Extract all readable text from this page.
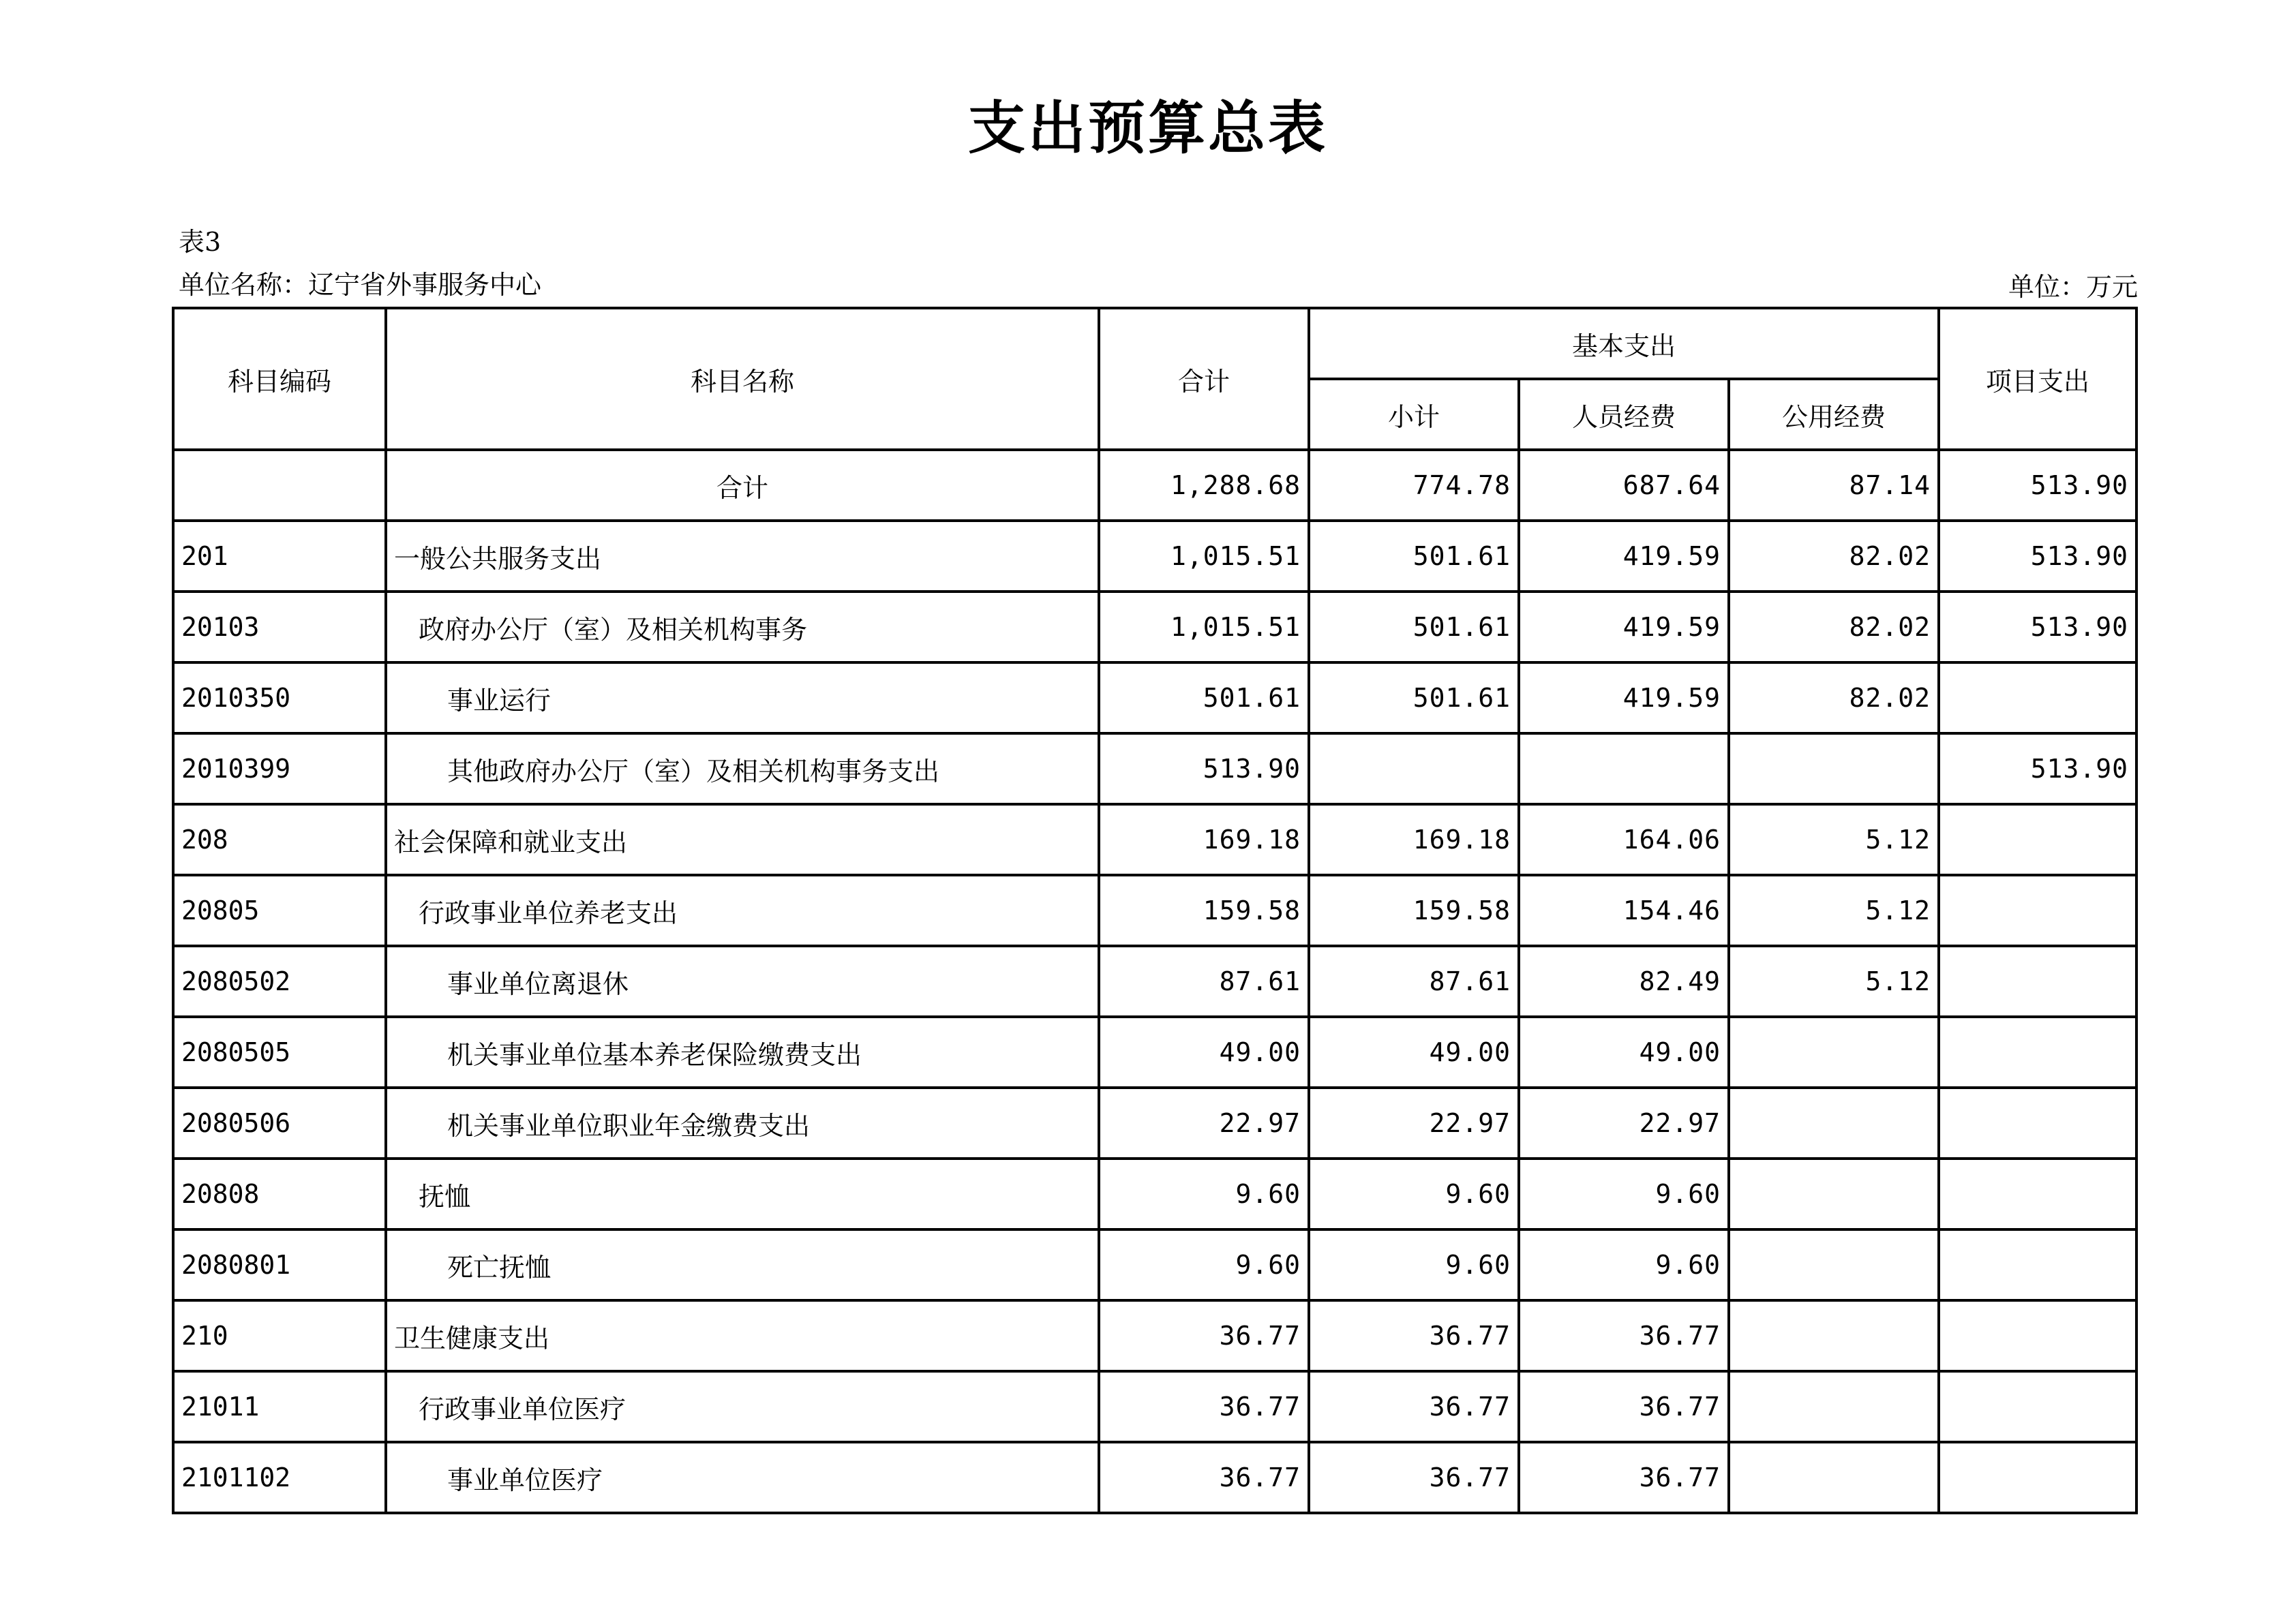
支出预算总表
表3
单位名称：辽宁省外事服务中心	单位：万元
科目编码	科目名称	合计	基本支出			项目支出
			小计	人员经费	公用经费	
	合计	1,288.68	774.78	687.64	87.14	513.90
201	一般公共服务支出	1,015.51	501.61	419.59	82.02	513.90
20103	政府办公厅（室）及相关机构事务	1,015.51	501.61	419.59	82.02	513.90
2010350	事业运行	501.61	501.61	419.59	82.02	
2010399	其他政府办公厅（室）及相关机构事务支出	513.90				513.90
208	社会保障和就业支出	169.18	169.18	164.06	5.12	
20805	行政事业单位养老支出	159.58	159.58	154.46	5.12	
2080502	事业单位离退休	87.61	87.61	82.49	5.12	
2080505	机关事业单位基本养老保险缴费支出	49.00	49.00	49.00		
2080506	机关事业单位职业年金缴费支出	22.97	22.97	22.97		
20808	抚恤	9.60	9.60	9.60		
2080801	死亡抚恤	9.60	9.60	9.60		
210	卫生健康支出	36.77	36.77	36.77		
21011	行政事业单位医疗	36.77	36.77	36.77		
2101102	事业单位医疗	36.77	36.77	36.77		
